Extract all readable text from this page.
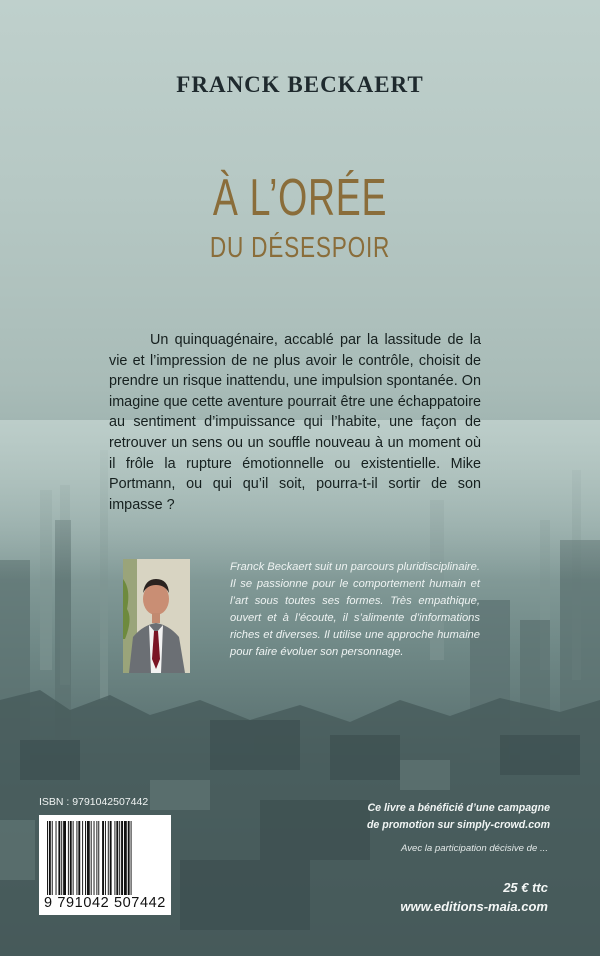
FRANCK BECKAERT
À L’ORÉE
DU DÉSESPOIR

Un quinquagénaire, accablé par la lassitude de la vie et l’impression de ne plus avoir le contrôle, choisit de prendre un risque inattendu, une impulsion spontanée. On imagine que cette aventure pourrait être une échappatoire au sentiment d’impuissance qui l’habite, une façon de retrouver un sens ou un souffle nouveau à un moment où il frôle la rupture émotionnelle ou existentielle. Mike Portmann, ou qui qu’il soit, pourra-t-il sortir de son impasse ?

Franck Beckaert suit un parcours pluridisciplinaire. Il se passionne pour le comportement humain et l’art sous toutes ses formes. Très empathique, ouvert et à l’écoute, il s’alimente d’informations riches et diverses. Il utilise une approche humaine pour faire évoluer son personnage.

ISBN : 9791042507442
9 791042 507442

Ce livre a bénéficié d’une campagne
de promotion sur simply-crowd.com

Avec la participation décisive de ...
25 € ttc
www.editions-maia.com
